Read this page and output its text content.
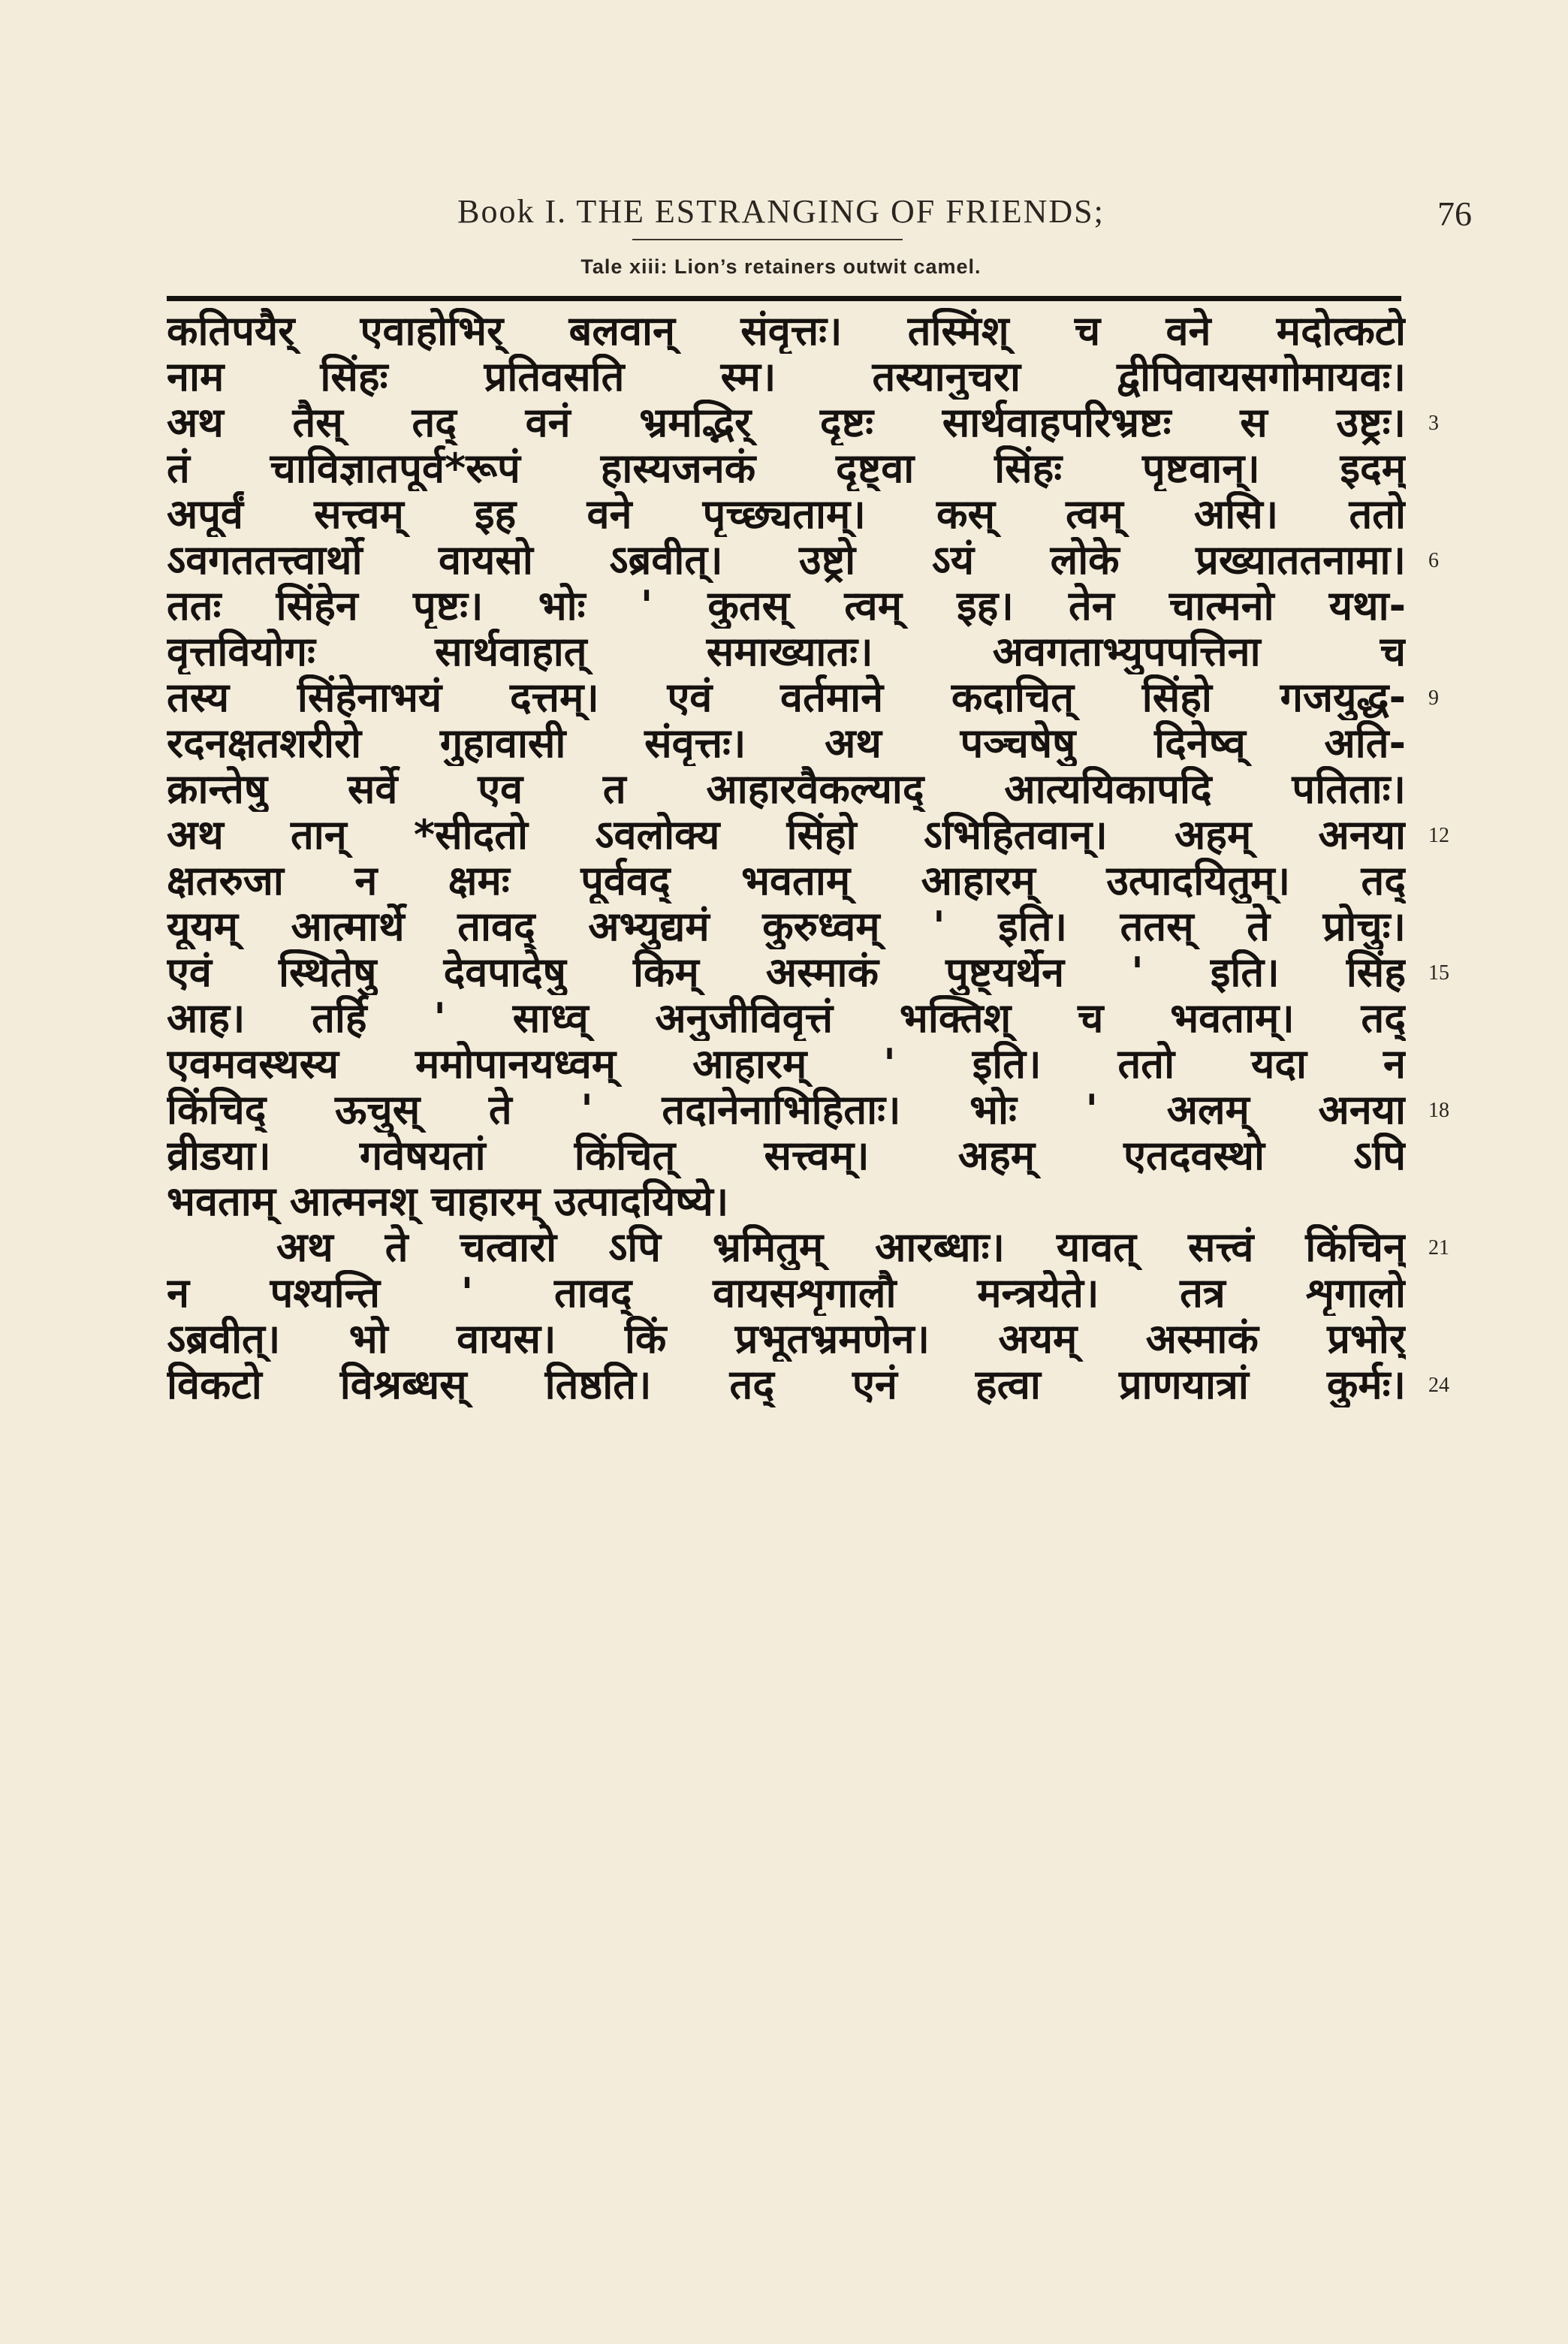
Book I. THE ESTRANGING OF FRIENDS;	76
Tale xiii: Lion’s retainers outwit camel.
कतिपयैर् एवाहोभिर् बलवान् संवृत्तः। तस्मिंश् च वने मदोत्कटो
नाम सिंहः प्रतिवसति स्म। तस्यानुचरा द्वीपिवायसगोमायवः।
अथ तैस् तद् वनं भ्रमद्भिर् दृष्टः सार्थवाहपरिभ्रष्टः स उष्ट्रः।
तं चाविज्ञातपूर्व*रूपं हास्यजनकं दृष्ट्वा सिंहः पृष्टवान्। इदम्
अपूर्वं सत्त्वम् इह वने पृच्छ्यताम्। कस् त्वम् असि। ततो
ऽवगततत्त्वार्थो वायसो ऽब्रवीत्। उष्ट्रो ऽयं लोके प्रख्याततनामा।
ततः सिंहेन पृष्टः। भोः ' कुतस् त्वम् इह। तेन चात्मनो यथा-
वृत्तवियोगः सार्थवाहात् समाख्यातः। अवगताभ्युपपत्तिना च
तस्य सिंहेनाभयं दत्तम्। एवं वर्तमाने कदाचित् सिंहो गजयुद्ध-
रदनक्षतशरीरो गुहावासी संवृत्तः। अथ पञ्चषेषु दिनेष्व् अति-
क्रान्तेषु सर्वे एव त आहारवैकल्याद् आत्ययिकापदि पतिताः।
अथ तान् *सीदतो ऽवलोक्य सिंहो ऽभिहितवान्। अहम् अनया
क्षतरुजा न क्षमः पूर्ववद् भवताम् आहारम् उत्पादयितुम्। तद्
यूयम् आत्मार्थे तावद् अभ्युद्यमं कुरुध्वम् ' इति। ततस् ते प्रोचुः।
एवं स्थितेषु देवपादेषु किम् अस्माकं पुष्ट्यर्थेन ' इति। सिंह
आह। तर्हि ' साध्व् अनुजीविवृत्तं भक्तिश् च भवताम्। तद्
एवमवस्थस्य ममोपानयध्वम् आहारम् ' इति। ततो यदा न
किंचिद् ऊचुस् ते ' तदानेनाभिहिताः। भोः ' अलम् अनया
व्रीडया। गवेषयतां किंचित् सत्त्वम्। अहम् एतदवस्थो ऽपि
भवताम् आत्मनश् चाहारम् उत्पादयिष्ये।
अथ ते चत्वारो ऽपि भ्रमितुम् आरब्धाः। यावत् सत्त्वं किंचिन्
न पश्यन्ति ' तावद् वायसशृगालौ मन्त्रयेते। तत्र शृगालो
ऽब्रवीत्। भो वायस। किं प्रभूतभ्रमणेन। अयम् अस्माकं प्रभोर्
विकटो विश्रब्धस् तिष्ठति। तद् एनं हत्वा प्राणयात्रां कुर्मः।
3
6
9
12
15
18
21
24
